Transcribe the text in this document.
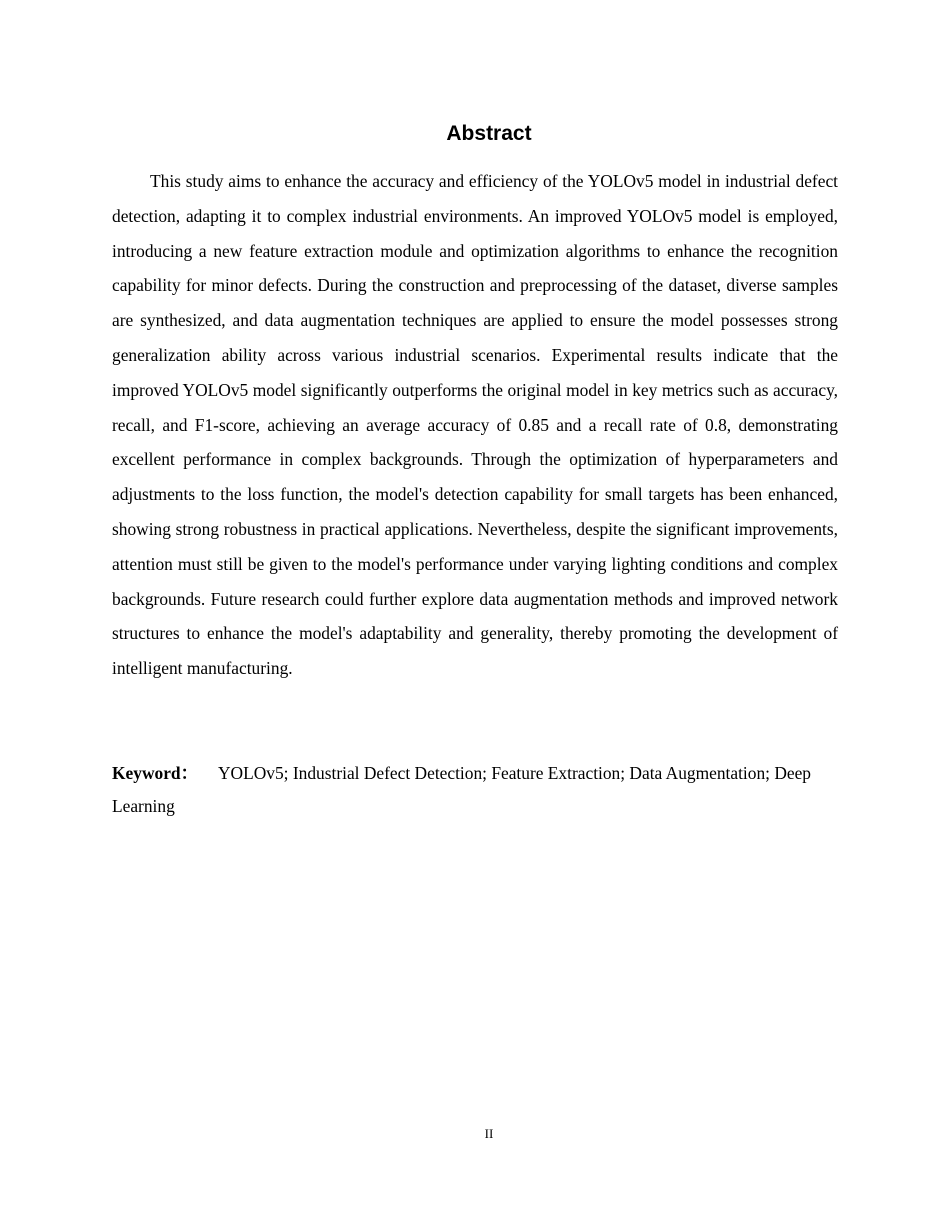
Abstract

This study aims to enhance the accuracy and efficiency of the YOLOv5 model in industrial defect detection, adapting it to complex industrial environments. An improved YOLOv5 model is employed, introducing a new feature extraction module and optimization algorithms to enhance the recognition capability for minor defects. During the construction and preprocessing of the dataset, diverse samples are synthesized, and data augmentation techniques are applied to ensure the model possesses strong generalization ability across various industrial scenarios. Experimental results indicate that the improved YOLOv5 model significantly outperforms the original model in key metrics such as accuracy, recall, and F1-score, achieving an average accuracy of 0.85 and a recall rate of 0.8, demonstrating excellent performance in complex backgrounds. Through the optimization of hyperparameters and adjustments to the loss function, the model's detection capability for small targets has been enhanced, showing strong robustness in practical applications. Nevertheless, despite the significant improvements, attention must still be given to the model's performance under varying lighting conditions and complex backgrounds. Future research could further explore data augmentation methods and improved network structures to enhance the model's adaptability and generality, thereby promoting the development of intelligent manufacturing.

Keyword： YOLOv5; Industrial Defect Detection; Feature Extraction; Data Augmentation; Deep Learning

II
